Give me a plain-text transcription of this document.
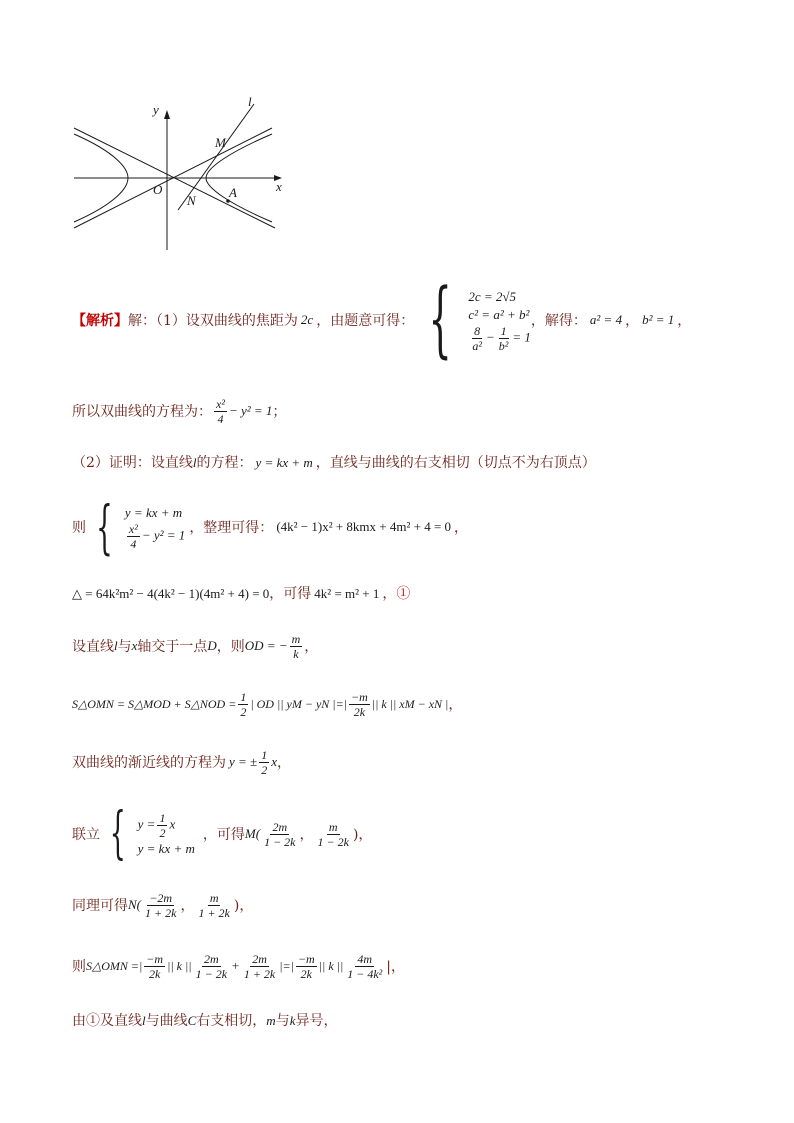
y
x
l
M
O
N
A
【解析】 解：（1）设双曲线的焦距为 2c ，由题意可得： { 2c = 2√5
c² = a² + b²
$\frac{8}{\text{a²}} - \frac{1}{\text{b²}} = 1$
，解得： a² = 4 ， b² = 1 ，
所以双曲线的方程为： $\frac{\text{x²}}{4} - y^2 = 1$ ；
（2）证明：设直线l的方程： y = kx + m ，直线与曲线的右支相切（切点不为右顶点）
则 { y = kx + m
$\frac{\text{x²}}{4} - y^2 = 1$ ，整理可得： (4k² − 1)x² + 8kmx + 4m² + 4 = 0 ，
△ = 64k²m² − 4(4k² − 1)(4m² + 4) = 0，可得 4k² = m² + 1 ，①
设直线 l 与 x 轴交于一点 D ，则 OD = − $\frac{m}{k}$ ，
S△OMN = S△MOD + S△NOD = $\frac{1}{2}$ | OD || yM − yN |=| $\frac{-m}{2k}$ || k || xM − xN | ，
双曲线的渐近线的方程为 y = ± $\frac{1}{2}$ x ，
联立 { $y = \frac{1}{2}$ x
y = kx + m
，可得 $M( \frac{2m}{1 - 2k}$ ， $\frac{m}{1 - 2k}$ )，
同理可得 $N( \frac{-2m}{1 + 2k}$ ， $\frac{m}{1 + 2k}$ )，
则 S△OMN =| $\frac{-m}{2k}$ || k || $\frac{2m}{1 - 2k} + \frac{2m}{1 + 2k}$ |=| $\frac{-m}{2k}$ || k || $\frac{4m}{\text{1 − 4k²}}$ |，
由①及直线l与曲线C右支相切，m与k异号，
